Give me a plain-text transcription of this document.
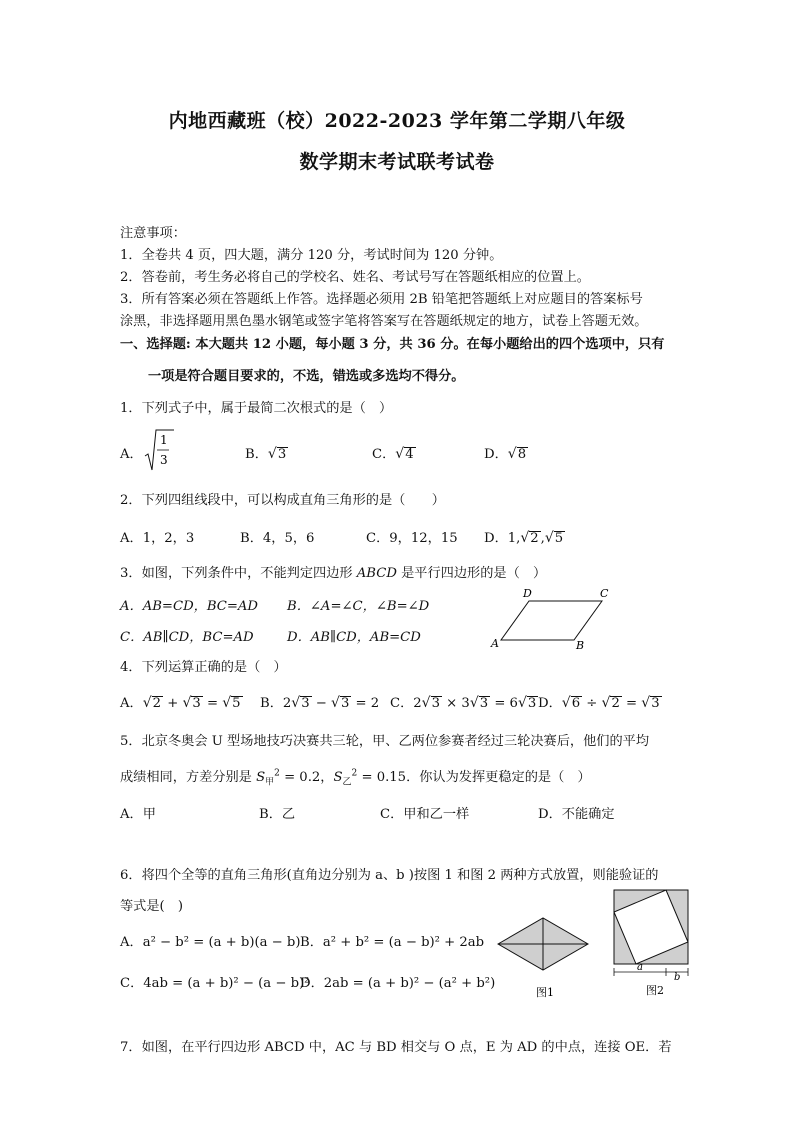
内地西藏班（校）2022-2023 学年第二学期八年级
数学期末考试联考试卷
注意事项：
1．全卷共 4 页，四大题，满分 120 分，考试时间为 120 分钟。
2．答卷前，考生务必将自己的学校名、姓名、考试号写在答题纸相应的位置上。
3．所有答案必须在答题纸上作答。选择题必须用 2B 铅笔把答题纸上对应题目的答案标号
涂黑，非选择题用黑色墨水钢笔或签字笔将答案写在答题纸规定的地方，试卷上答题无效。
一、选择题: 本大题共 12 小题，每小题 3 分，共 36 分。在每小题给出的四个选项中，只有
一项是符合题目要求的，不选，错选或多选均不得分。
1．下列式子中，属于最简二次根式的是（　）
A．
1
3	B．√3	C．√4	D．√8
2．下列四组线段中，可以构成直角三角形的是（　　）
A．1，2，3	B．4，5，6	C．9，12，15 D．1,√2 ,√5
3．如图，下列条件中，不能判定四边形 ABCD 是平行四边形的是（　）
A．AB=CD，BC=AD B．∠A=∠C，∠B=∠D
C．AB∥CD，BC=AD	D．AB∥CD，AB=CD	A	B
C
D
4．下列运算正确的是（　）
A．√2 + √3 = √5 B．2√3 − √3 = 2 C．2√3 × 3√3 = 6√3 D．√6 ÷ √2 = √3
5．北京冬奥会 U 型场地技巧决赛共三轮，甲、乙两位参赛者经过三轮决赛后，他们的平均
成绩相同，方差分别是 $S_甲^2 = 0.2$，$S_乙^2 = 0.15$．你认为发挥更稳定的是（　）
A．甲	B．乙	C．甲和乙一样	D．不能确定
6．将四个全等的直角三角形(直角边分别为 a、b )按图 1 和图 2 两种方式放置，则能验证的
等式是(　)
A．a² − b² = (a + b)(a − b) B．a² + b² = (a − b)² + 2ab
C．4ab = (a + b)² − (a − b)²
D．2ab = (a + b)² − (a² + b²)
图1
a
b
图2
7．如图，在平行四边形 ABCD 中，AC 与 BD 相交与 O 点，E 为 AD 的中点，连接 OE．若
